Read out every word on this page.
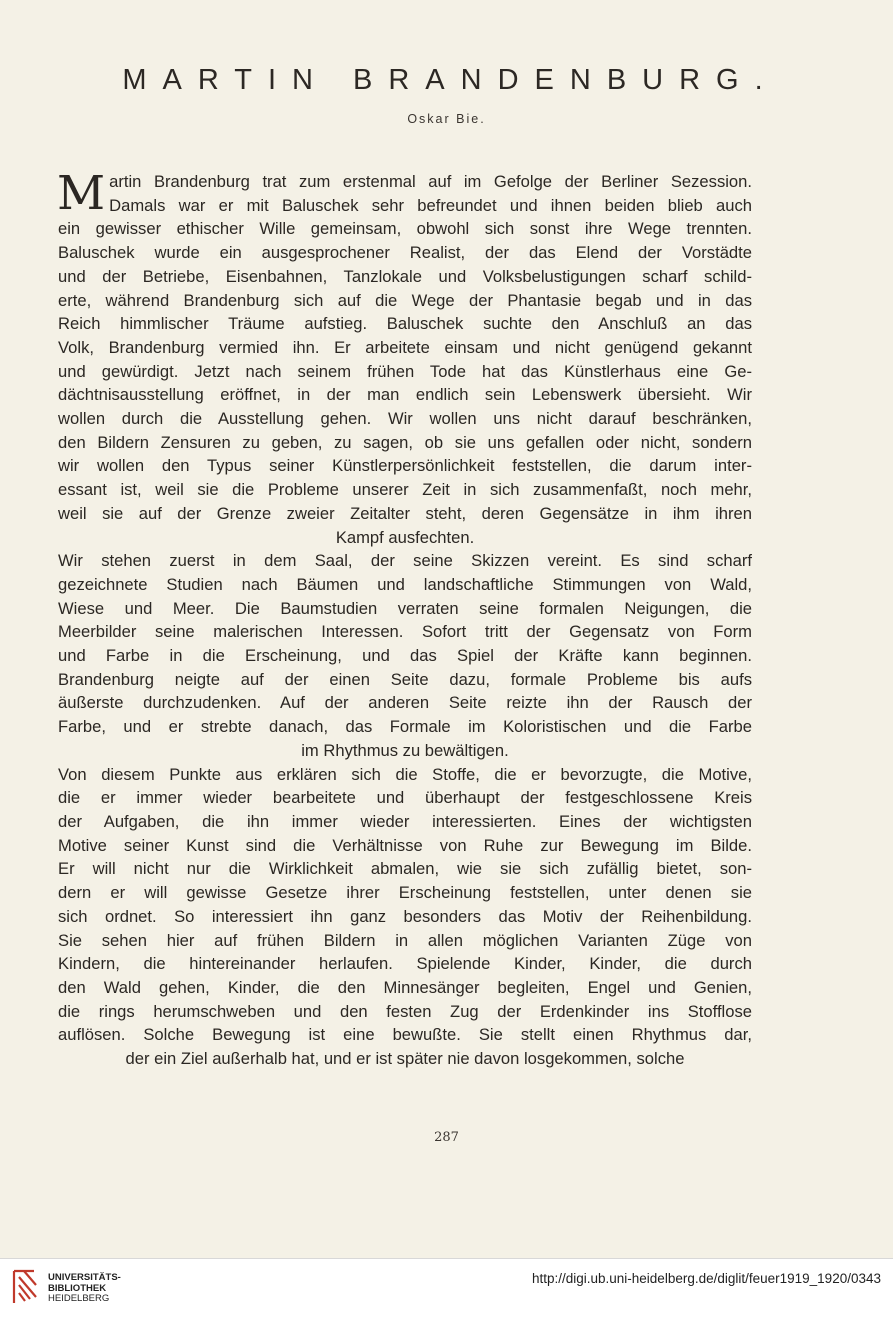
MARTIN BRANDENBURG.
Oskar Bie.
M artin Brandenburg trat zum erstenmal auf im Gefolge der Berliner Sezession.
Damals war er mit Baluschek sehr befreundet und ihnen beiden blieb auch
ein gewisser ethischer Wille gemeinsam, obwohl sich sonst ihre Wege trennten.
Baluschek wurde ein ausgesprochener Realist, der das Elend der Vorstädte
und der Betriebe, Eisenbahnen, Tanzlokale und Volksbelustigungen scharf schild-
erte, während Brandenburg sich auf die Wege der Phantasie begab und in das
Reich himmlischer Träume aufstieg. Baluschek suchte den Anschluß an das
Volk, Brandenburg vermied ihn. Er arbeitete einsam und nicht genügend gekannt
und gewürdigt. Jetzt nach seinem frühen Tode hat das Künstlerhaus eine Ge-
dächtnisausstellung eröffnet, in der man endlich sein Lebenswerk übersieht. Wir
wollen durch die Ausstellung gehen. Wir wollen uns nicht darauf beschränken,
den Bildern Zensuren zu geben, zu sagen, ob sie uns gefallen oder nicht, sondern
wir wollen den Typus seiner Künstlerpersönlichkeit feststellen, die darum inter-
essant ist, weil sie die Probleme unserer Zeit in sich zusammenfaßt, noch mehr,
weil sie auf der Grenze zweier Zeitalter steht, deren Gegensätze in ihm ihren
Kampf ausfechten.
Wir stehen zuerst in dem Saal, der seine Skizzen vereint. Es sind scharf
gezeichnete Studien nach Bäumen und landschaftliche Stimmungen von Wald,
Wiese und Meer. Die Baumstudien verraten seine formalen Neigungen, die
Meerbilder seine malerischen Interessen. Sofort tritt der Gegensatz von Form
und Farbe in die Erscheinung, und das Spiel der Kräfte kann beginnen.
Brandenburg neigte auf der einen Seite dazu, formale Probleme bis aufs
äußerste durchzudenken. Auf der anderen Seite reizte ihn der Rausch der
Farbe, und er strebte danach, das Formale im Koloristischen und die Farbe
im Rhythmus zu bewältigen.
Von diesem Punkte aus erklären sich die Stoffe, die er bevorzugte, die Motive,
die er immer wieder bearbeitete und überhaupt der festgeschlossene Kreis
der Aufgaben, die ihn immer wieder interessierten. Eines der wichtigsten
Motive seiner Kunst sind die Verhältnisse von Ruhe zur Bewegung im Bilde.
Er will nicht nur die Wirklichkeit abmalen, wie sie sich zufällig bietet, son-
dern er will gewisse Gesetze ihrer Erscheinung feststellen, unter denen sie
sich ordnet. So interessiert ihn ganz besonders das Motiv der Reihenbildung.
Sie sehen hier auf frühen Bildern in allen möglichen Varianten Züge von
Kindern, die hintereinander herlaufen. Spielende Kinder, Kinder, die durch
den Wald gehen, Kinder, die den Minnesänger begleiten, Engel und Genien,
die rings herumschweben und den festen Zug der Erdenkinder ins Stofflose
auflösen. Solche Bewegung ist eine bewußte. Sie stellt einen Rhythmus dar,
der ein Ziel außerhalb hat, und er ist später nie davon losgekommen, solche
287
UNIVERSITÄTS-
BIBLIOTHEK
HEIDELBERG
http://digi.ub.uni-heidelberg.de/diglit/feuer1919_1920/0343
